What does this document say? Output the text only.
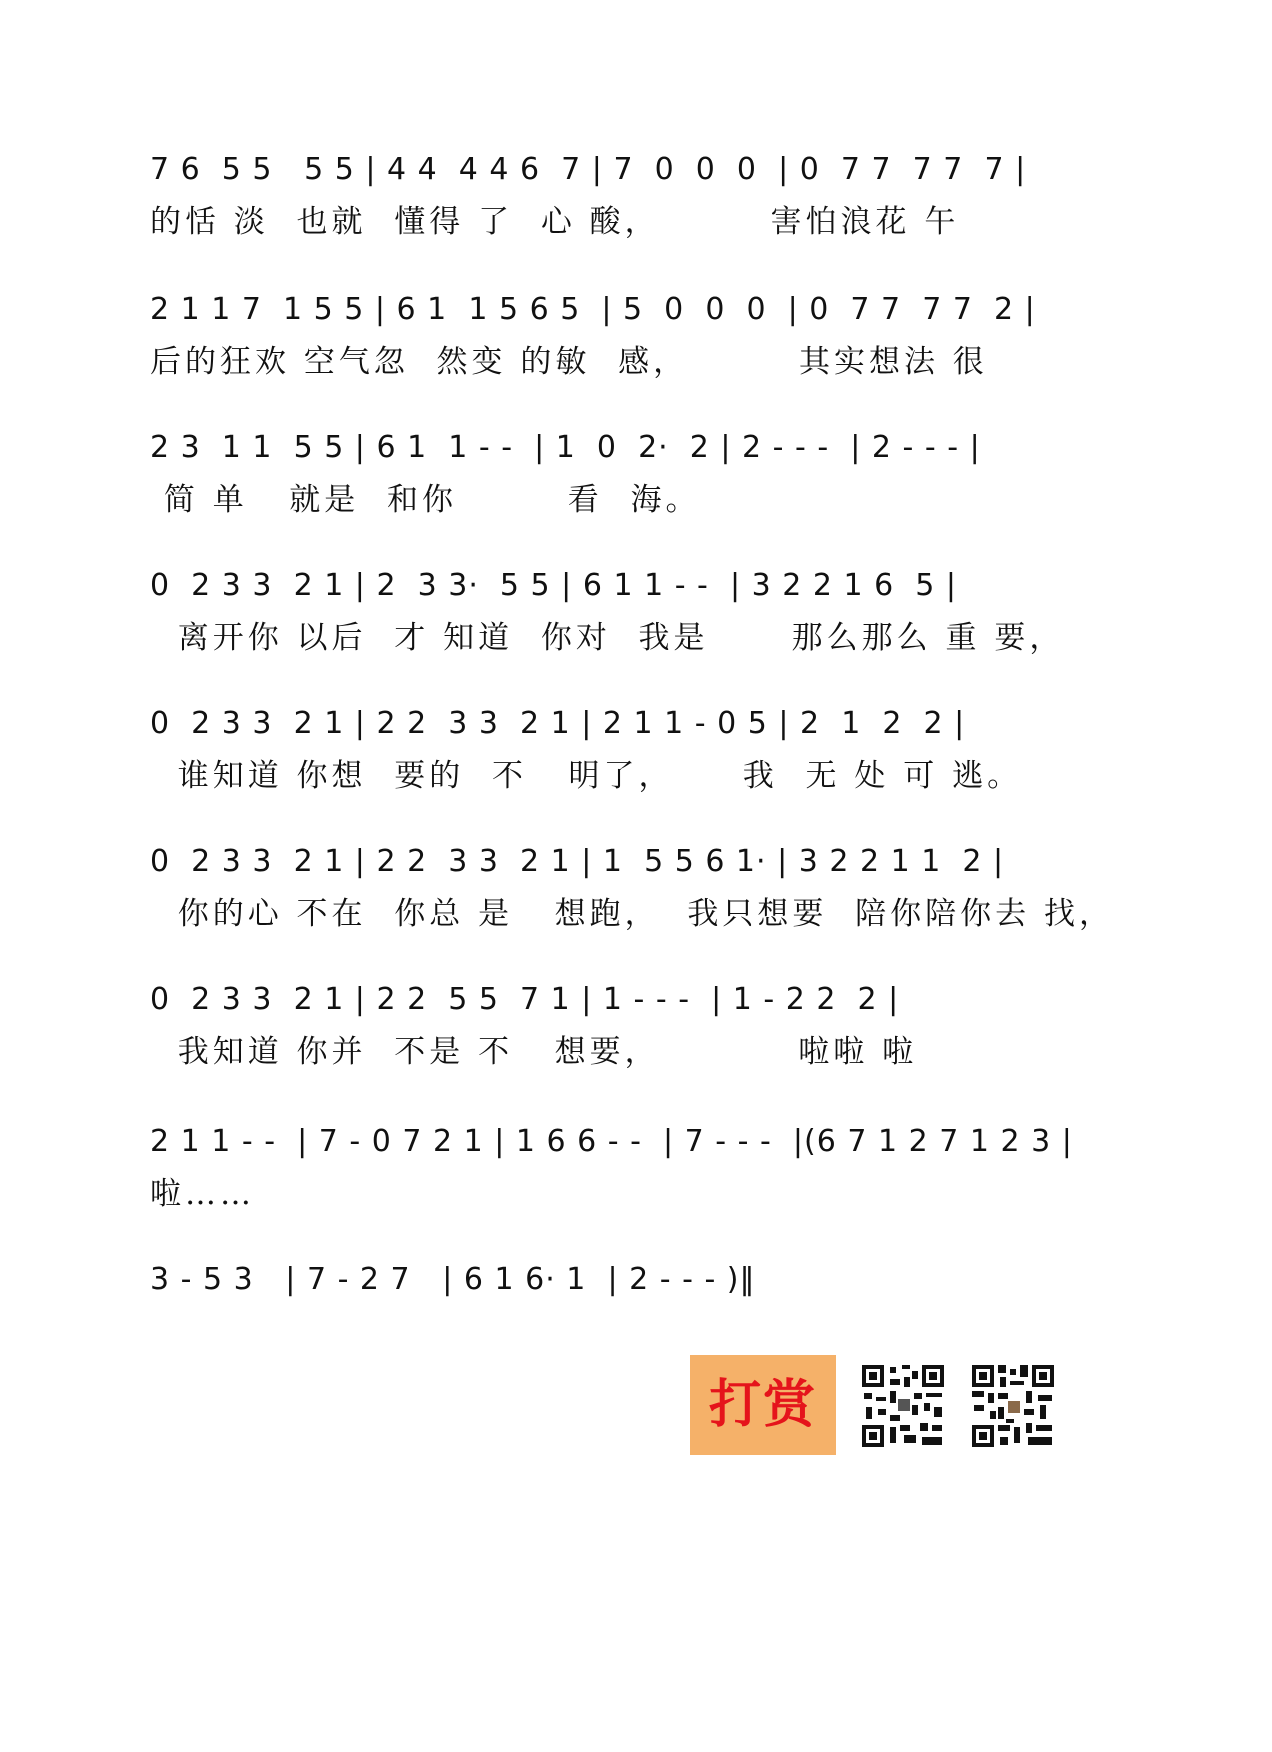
7 6  5 5   5 5 | 4 4  4 4 6  7 | 7  0  0  0  | 0  7 7  7 7  7 |
的恬 淡  也就  懂得 了  心 酸，        害怕浪花 午
2 1 1 7  1 5 5 | 6 1  1 5 6 5  | 5  0  0  0  | 0  7 7  7 7  2 |
后的狂欢 空气忽  然变 的敏  感，        其实想法 很
2 3  1 1  5 5 | 6 1  1 - -  | 1  0  2·  2 | 2 - - -  | 2 - - - |
简 单   就是  和你        看  海。
0  2 3 3  2 1 | 2  3 3·  5 5 | 6 1 1 - -  | 3 2 2 1 6  5 |
离开你 以后  才 知道  你对  我是      那么那么 重 要，
0  2 3 3  2 1 | 2 2  3 3  2 1 | 2 1 1 - 0 5 | 2  1  2  2 |
谁知道 你想  要的  不   明了，     我  无 处 可 逃。
0  2 3 3  2 1 | 2 2  3 3  2 1 | 1  5 5 6 1· | 3 2 2 1 1  2 |
你的心 不在  你总 是   想跑，  我只想要  陪你陪你去 找，
0  2 3 3  2 1 | 2 2  5 5  7 1 | 1 - - -  | 1 - 2 2  2 |
我知道 你并  不是 不   想要，          啦啦 啦
2 1 1 - -  | 7 - 0 7 2 1 | 1 6 6 - -  | 7 - - -  |(6 7 1 2 7 1 2 3 |
啦……
3 - 5 3   | 7 - 2 7   | 6 1 6· 1  | 2 - - - )‖
打赏
